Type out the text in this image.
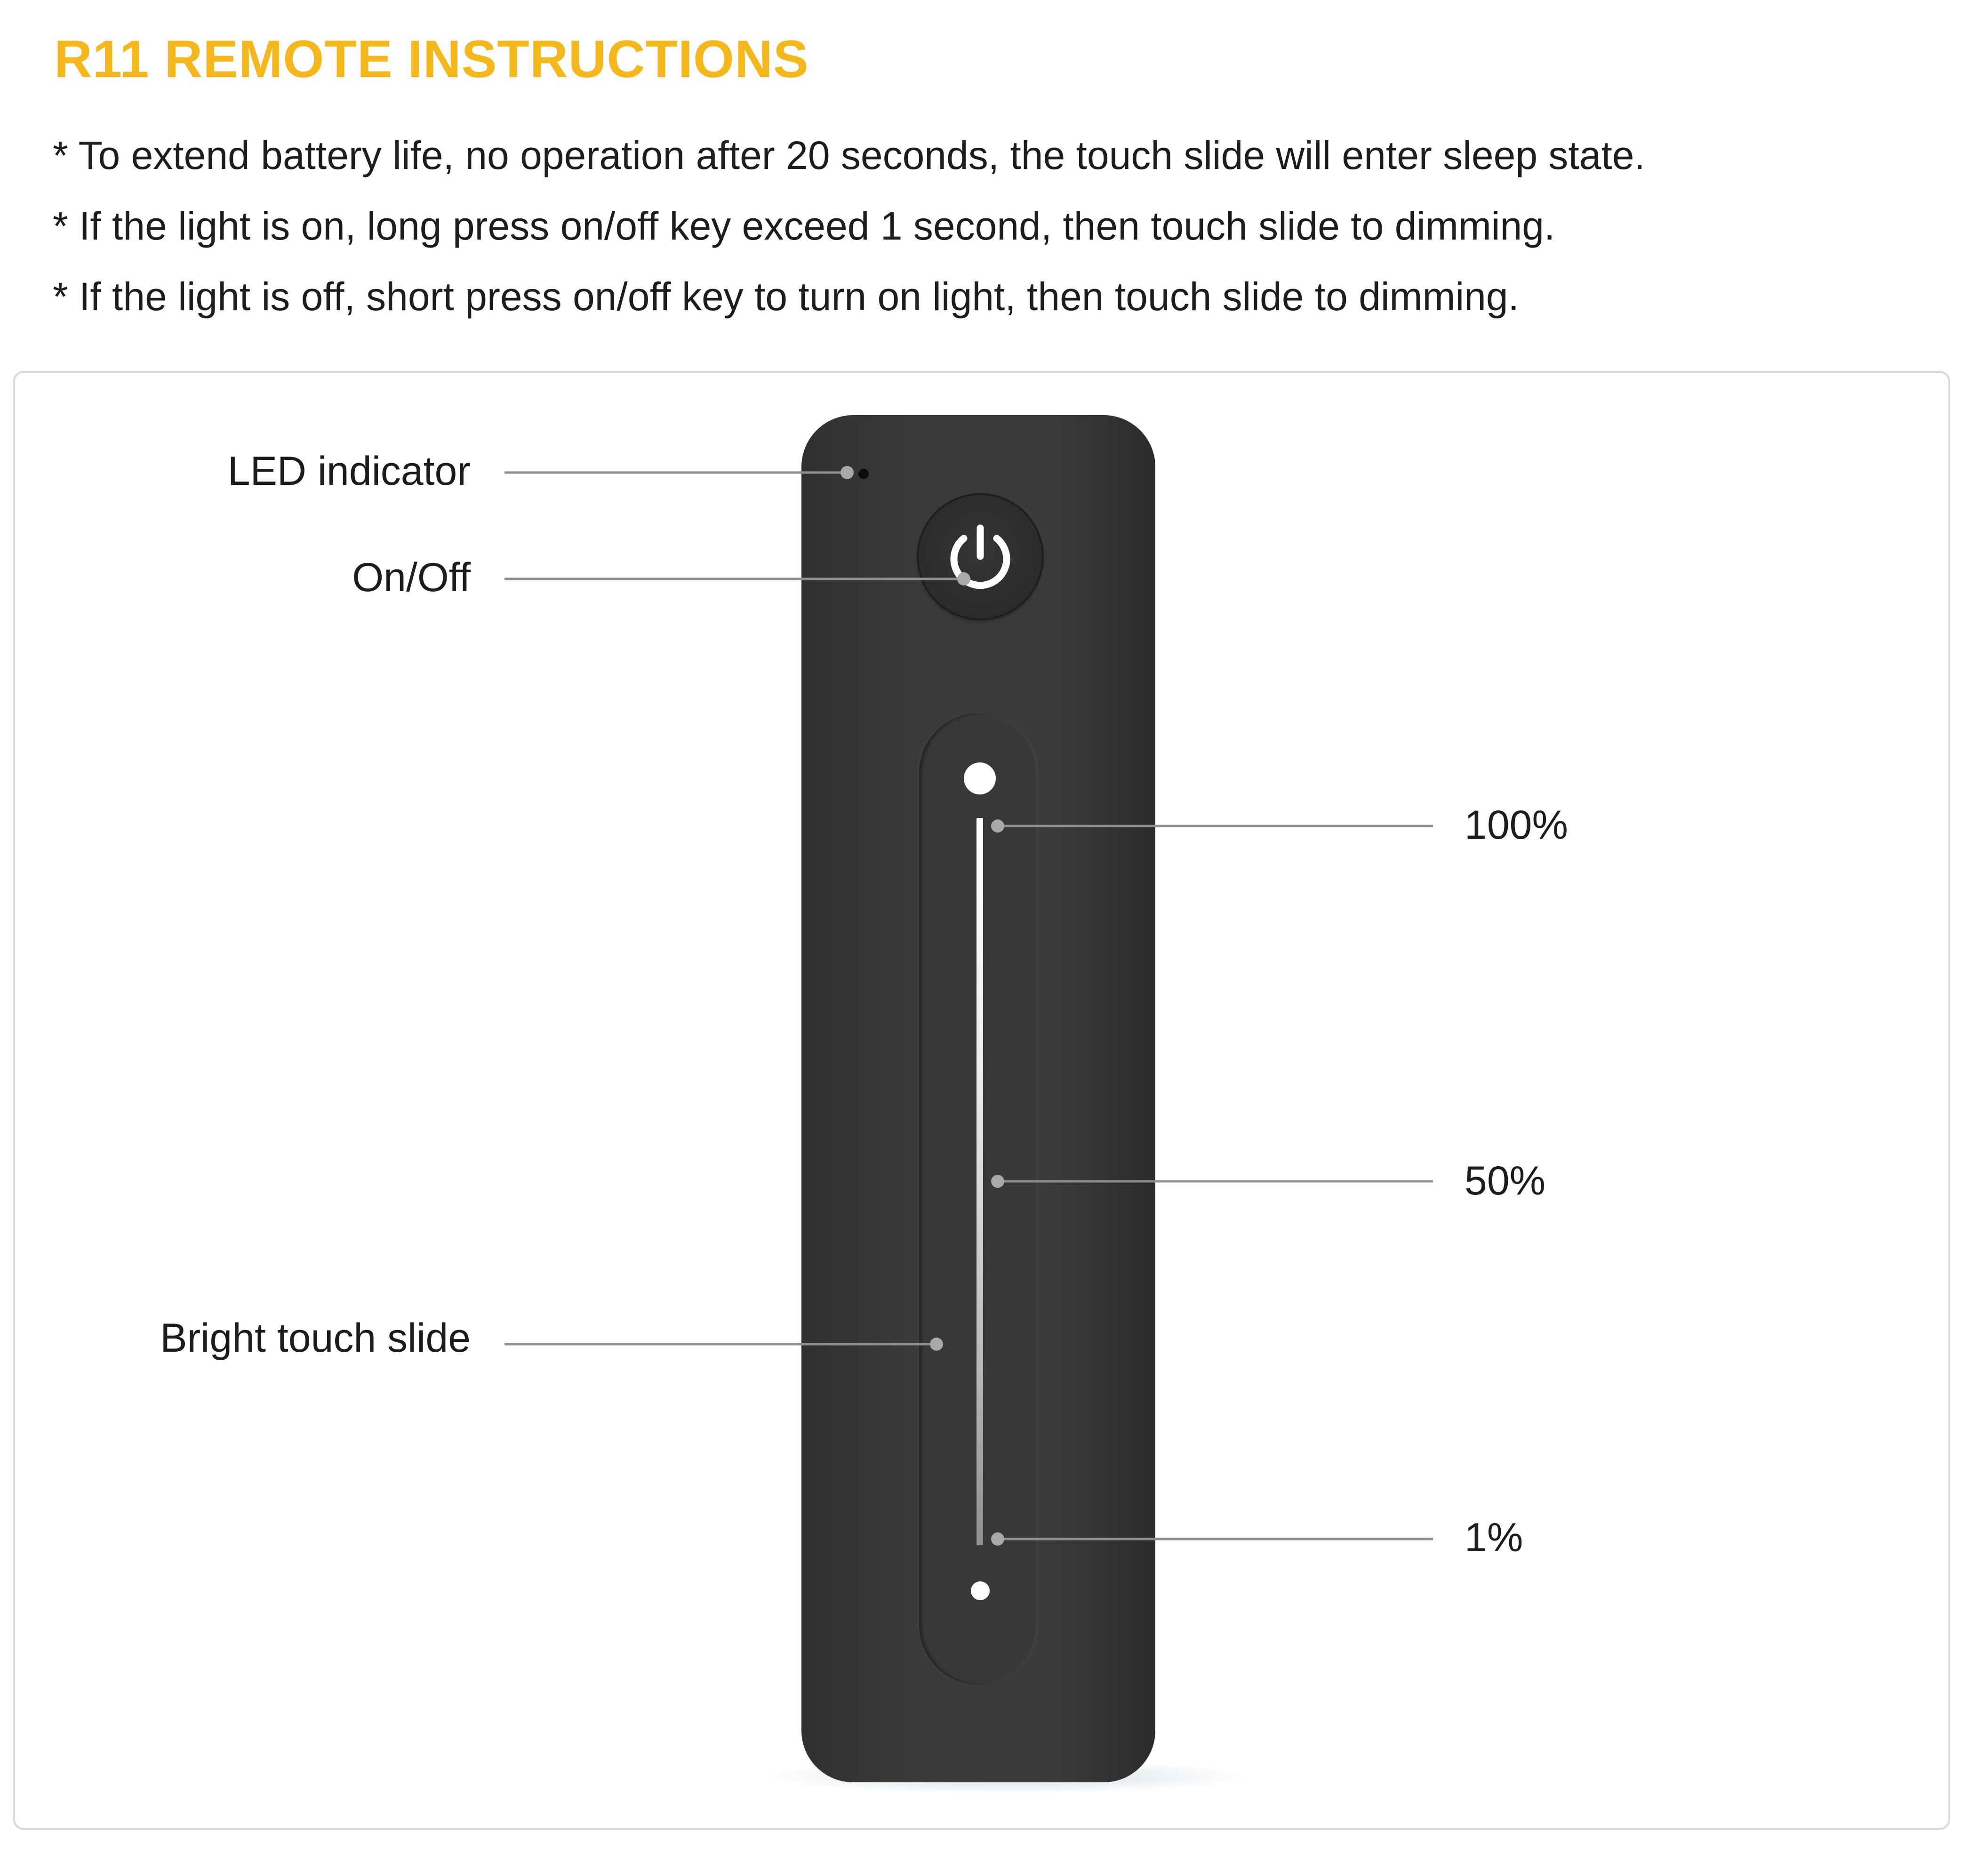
R11 REMOTE INSTRUCTIONS
* To extend battery life, no operation after 20 seconds, the touch slide will enter sleep state.
* If the light is on, long press on/off key exceed 1 second, then touch slide to dimming.
* If the light is off, short press on/off key to turn on light, then touch slide to dimming.
LED indicator
On/Off
Bright touch slide
100%
50%
1%
